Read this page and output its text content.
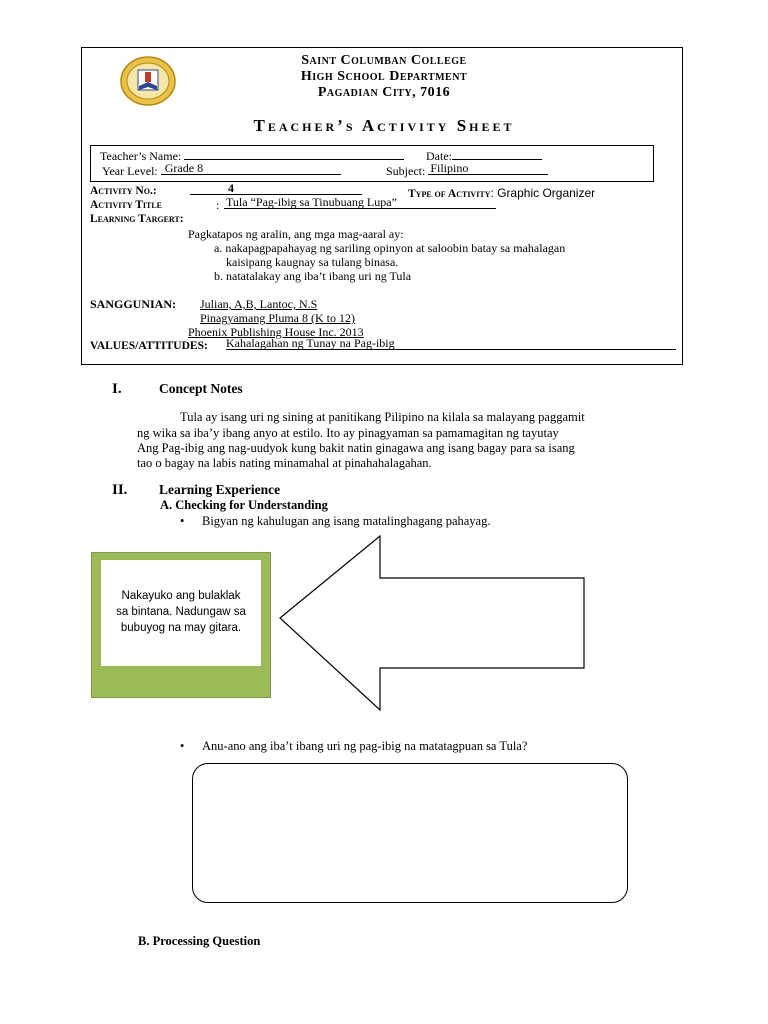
Saint Columban College
High School Department
Pagadian City, 7016
Teacher’s Activity Sheet
Teacher’s Name:	Date:
Year Level: Grade 8	Subject: Filipino
Activity No.:	4	Type of Activity: Graphic Organizer
Activity Title	: Tula “Pag-ibig sa Tinubuang Lupa”
Learning Targert:
Pagkatapos ng aralin, ang mga mag-aaral ay:
a. nakapagpapahayag ng sariling opinyon at saloobin batay sa mahalagan
kaisipang kaugnay sa tulang binasa.
b. natatalakay ang iba’t ibang uri ng Tula
SANGGUNIAN: Julian, A,B, Lantoc, N.S
Pinagyamang Pluma 8 (K to 12)
Phoenix Publishing House Inc. 2013
VALUES/ATTITUDES: Kahalagahan ng Tunay na Pag-ibig
I.	Concept Notes
Tula ay isang uri ng sining at panitikang Pilipino na kilala sa malayang paggamit
ng wika sa iba’y ibang anyo at estilo. Ito ay pinagyaman sa pamamagitan ng tayutay
Ang Pag-ibig ang nag-uudyok kung bakit natin ginagawa ang isang bagay para sa isang
tao o bagay na labis nating minamahal at pinahahalagahan.
II. Learning Experience
A. Checking for Understanding
• Bigyan ng kahulugan ang isang matalinghagang pahayag.
Nakayuko ang bulaklak
sa bintana. Nadungaw sa
bubuyog na may gitara.
• Anu-ano ang iba’t ibang uri ng pag-ibig na matatagpuan sa Tula?
B. Processing Question
